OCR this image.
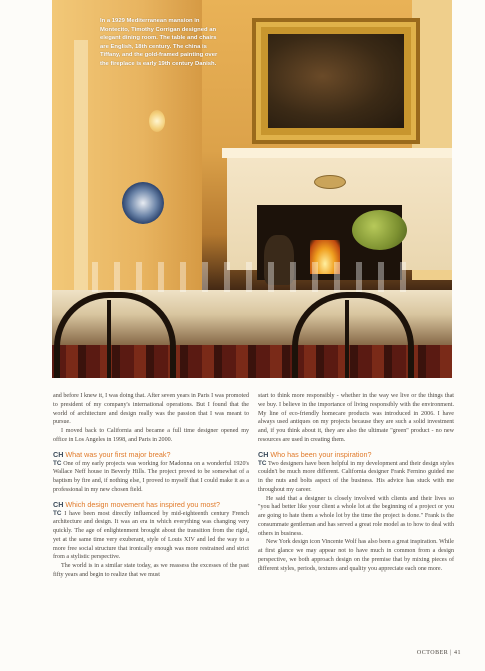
In a 1929 Mediterranean mansion in Montecito, Timothy Corrigan designed an elegant dining room. The table and chairs are English, 18th century. The china is Tiffany, and the gold-framed painting over the fireplace is early 19th century Danish.

and before I knew it, I was doing that. After seven years in Paris I was promoted to president of my company's international operations. But I found that the world of architecture and design really was the passion that I was meant to pursue.

I moved back to California and became a full time designer opened my office in Los Angeles in 1998, and Paris in 2000.

CH What was your first major break?

TC One of my early projects was working for Madonna on a wonderful 1920's Wallace Neff house in Beverly Hills. The project proved to be somewhat of a baptism by fire and, if nothing else, I proved to myself that I could make it as a professional in my new chosen field.

CH Which design movement has inspired you most?

TC I have been most directly influenced by mid-eighteenth century French architecture and design. It was an era in which everything was changing very quickly. The age of enlightenment brought about the transition from the rigid, yet at the same time very exuberant, style of Louis XIV and led the way to a more free social structure that ironically enough was more restrained and strict from a stylistic perspective.

The world is in a similar state today, as we reassess the excesses of the past fifty years and begin to realize that we must

start to think more responsibly - whether in the way we live or the things that we buy. I believe in the importance of living responsibly with the environment. My line of eco-friendly homecare products was introduced in 2006. I have always used antiques on my projects because they are such a solid investment and, if you think about it, they are also the ultimate "green" product - no new resources are used in creating them.

CH Who has been your inspiration?

TC Two designers have been helpful in my development and their design styles couldn't be much more different. California designer Frank Fernino guided me in the nuts and bolts aspect of the business. His advice has stuck with me throughout my career.

He said that a designer is closely involved with clients and their lives so "you had better like your client a whole lot at the beginning of a project or you are going to hate them a whole lot by the time the project is done." Frank is the consummate gentleman and has served a great role model as to how to deal with others in business.

New York design icon Vincente Wolf has also been a great inspiration. While at first glance we may appear not to have much in common from a design perspective, we both approach design on the premise that by mixing pieces of different styles, periods, textures and quality you appreciate each one more.

OCTOBER | 41
